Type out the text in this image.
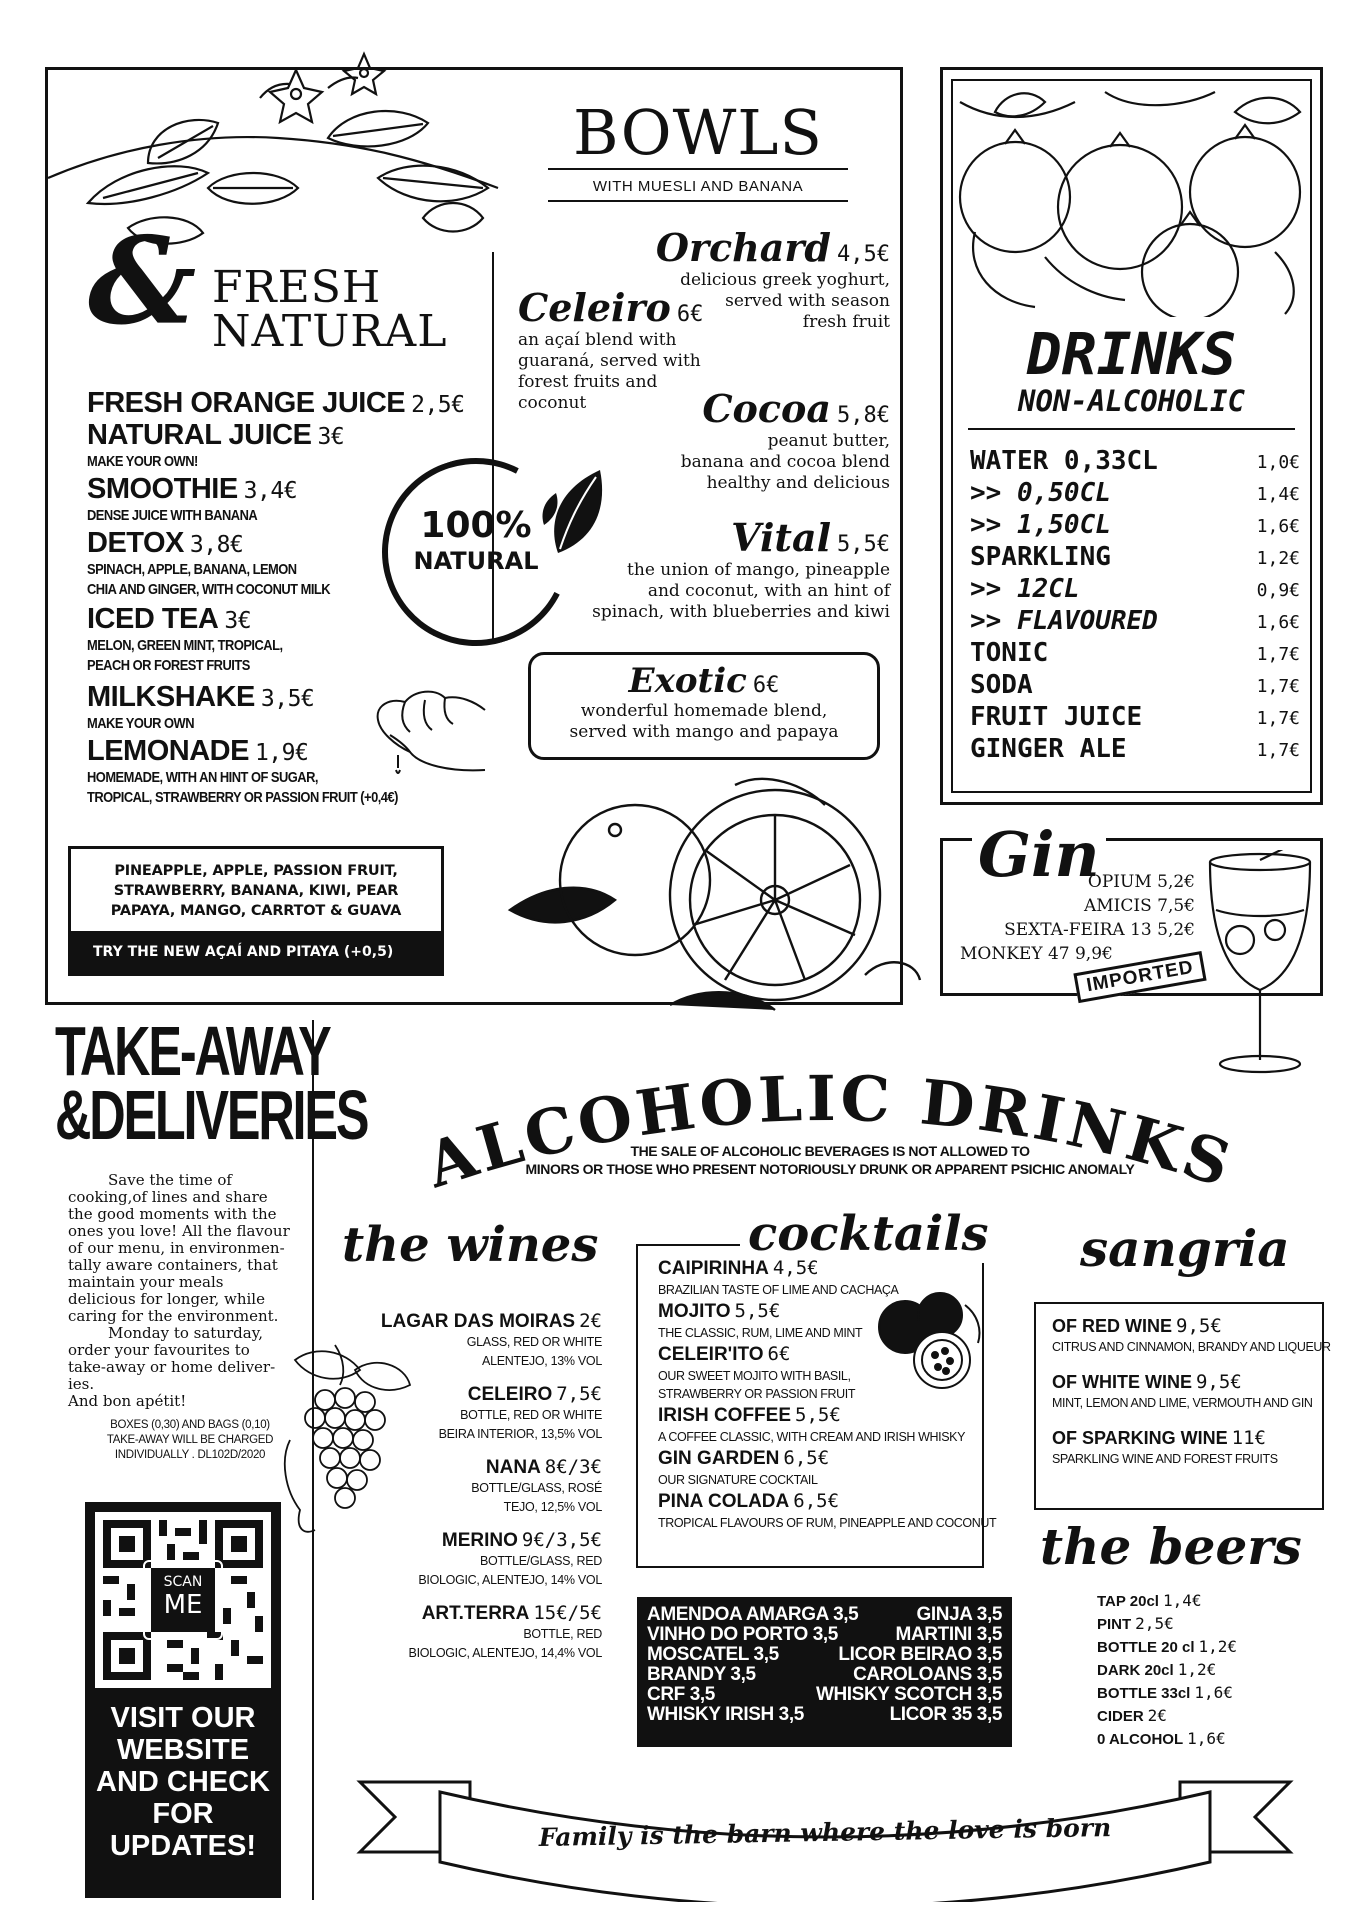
& FRESH
NATURAL
FRESH ORANGE JUICE 2,5€
NATURAL JUICE 3€
MAKE YOUR OWN!
SMOOTHIE 3,4€
DENSE JUICE WITH BANANA
DETOX 3,8€
SPINACH, APPLE, BANANA, LEMON
CHIA AND GINGER, WITH COCONUT MILK
ICED TEA 3€
MELON, GREEN MINT, TROPICAL,
PEACH OR FOREST FRUITS
MILKSHAKE 3,5€
MAKE YOUR OWN
LEMONADE 1,9€
HOMEMADE, WITH AN HINT OF SUGAR,
TROPICAL, STRAWBERRY OR PASSION FRUIT (+0,4€)
100%
NATURAL
PINEAPPLE, APPLE, PASSION FRUIT,
STRAWBERRY, BANANA, KIWI, PEAR
PAPAYA, MANGO, CARRTOT & GUAVA
TRY THE NEW AÇAÍ AND PITAYA (+0,5)
BOWLS
WITH MUESLI AND BANANA
Orchard 4,5€
delicious greek yoghurt,
served with season
fresh fruit
Celeiro 6€
an açaí blend with
guaraná, served with
forest fruits and
coconut	Cocoa 5,8€
peanut butter,
banana and cocoa blend
healthy and delicious
Vital 5,5€
the union of mango, pineapple
and coconut, with an hint of
spinach, with blueberries and kiwi
Exotic 6€
wonderful homemade blend,
served with mango and papaya
DRINKS
NON-ALCOHOLIC
WATER 0,33CL	1,0€
>> 0,50CL	1,4€
>> 1,50CL	1,6€
SPARKLING	1,2€
>> 12CL	0,9€
>> FLAVOURED	1,6€
TONIC	1,7€
SODA	1,7€
FRUIT JUICE	1,7€
GINGER ALE	1,7€
Gin
OPIUM 5,2€
AMICIS 7,5€
SEXTA-FEIRA 13 5,2€
MONKEY 47 9,9€
IMPORTED
TAKE-AWAY
&DELIVERIES
Save the time of
cooking,of lines and share
the good moments with the
ones you love! All the flavour
of our menu, in environmen-
tally aware containers, that
maintain your meals
delicious for longer, while
caring for the environment.
Monday to saturday,
order your favourites to
take-away or home deliver-
ies.
And bon apétit!
BOXES (0,30) AND BAGS (0,10)
TAKE-AWAY WILL BE CHARGED
INDIVIDUALLY . DL102D/2020
SCAN
ME
VISIT OUR
WEBSITE
AND CHECK
FOR
UPDATES!
ALCOHOLIC DRINKS
THE SALE OF ALCOHOLIC BEVERAGES IS NOT ALLOWED TO
MINORS OR THOSE WHO PRESENT NOTORIOUSLY DRUNK OR APPARENT PSICHIC ANOMALY
the wines
LAGAR DAS MOIRAS 2€
GLASS, RED OR WHITE
ALENTEJO, 13% VOL
CELEIRO 7,5€
BOTTLE, RED OR WHITE
BEIRA INTERIOR, 13,5% VOL
NANA 8€/3€
BOTTLE/GLASS, ROSÉ
TEJO, 12,5% VOL
MERINO 9€/3,5€
BOTTLE/GLASS, RED
BIOLOGIC, ALENTEJO, 14% VOL
ART.TERRA 15€/5€
BOTTLE, RED
BIOLOGIC, ALENTEJO, 14,4% VOL
cocktails
CAIPIRINHA 4,5€
BRAZILIAN TASTE OF LIME AND CACHAÇA
MOJITO 5,5€
THE CLASSIC, RUM, LIME AND MINT
CELEIR'ITO 6€
OUR SWEET MOJITO WITH BASIL,
STRAWBERRY OR PASSION FRUIT
IRISH COFFEE 5,5€
A COFFEE CLASSIC, WITH CREAM AND IRISH WHISKY
GIN GARDEN 6,5€
OUR SIGNATURE COCKTAIL
PINA COLADA 6,5€
TROPICAL FLAVOURS OF RUM, PINEAPPLE AND COCONUT
AMENDOA AMARGA 3,5	GINJA 3,5
VINHO DO PORTO 3,5	MARTINI 3,5
MOSCATEL 3,5	LICOR BEIRAO 3,5
BRANDY 3,5	CAROLOANS 3,5
CRF 3,5	WHISKY SCOTCH 3,5
WHISKY IRISH 3,5	LICOR 35 3,5
sangria
OF RED WINE 9,5€
CITRUS AND CINNAMON, BRANDY AND LIQUEUR
OF WHITE WINE 9,5€
MINT, LEMON AND LIME, VERMOUTH AND GIN
OF SPARKING WINE 11€
SPARKLING WINE AND FOREST FRUITS
the beers
TAP 20cl 1,4€
PINT 2,5€
BOTTLE 20 cl 1,2€
DARK 20cl 1,2€
BOTTLE 33cl 1,6€
CIDER 2€
0 ALCOHOL 1,6€
Family is the barn where the love is born
